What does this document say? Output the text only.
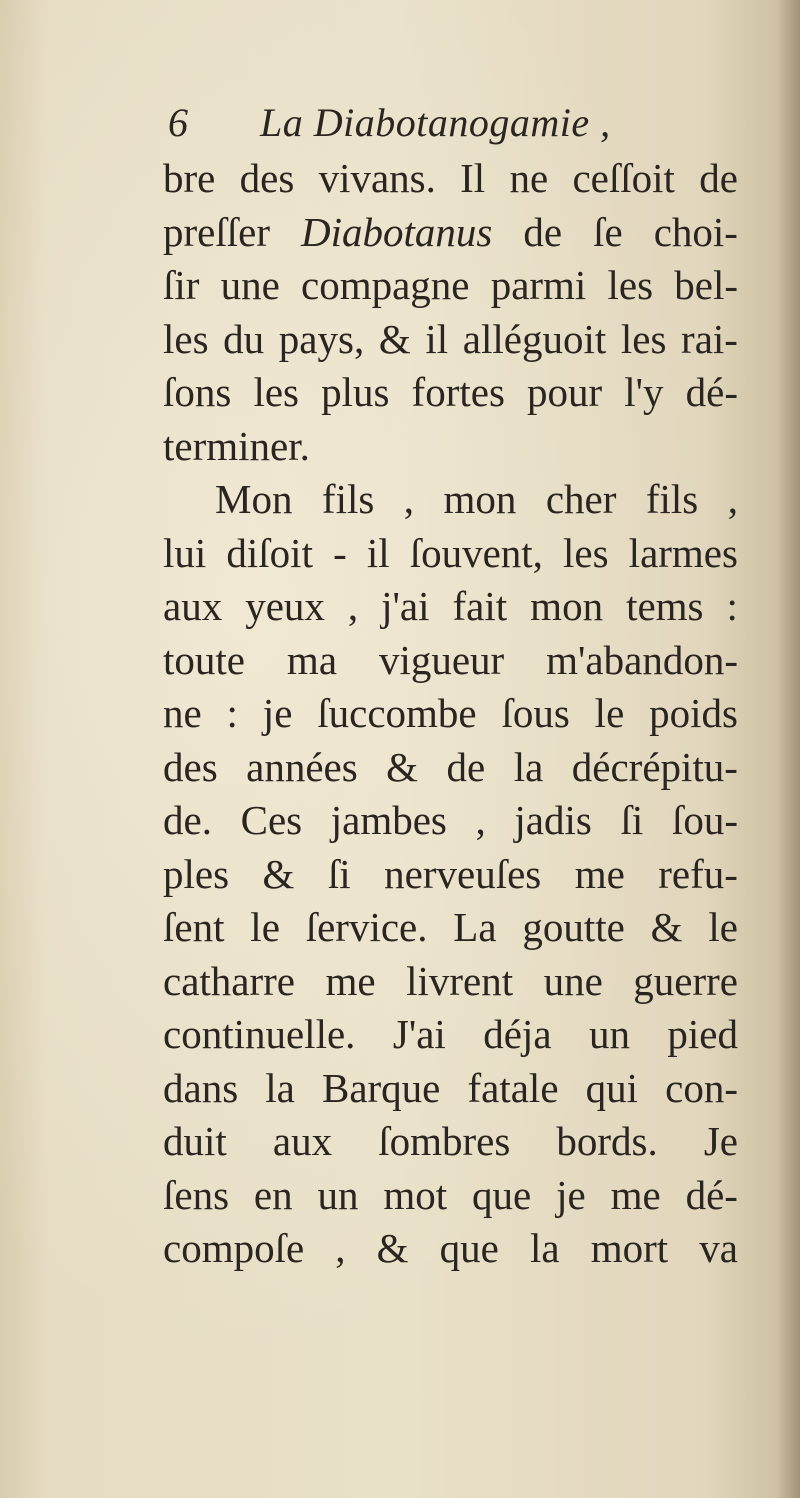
6 La Diabotanogamie ,
bre des vivans. Il ne ceſſoit de
preſſer Diabotanus de ſe choi-
ſir une compagne parmi les bel-
les du pays, & il alléguoit les rai-
ſons les plus fortes pour l'y dé-
terminer.
Mon fils , mon cher fils ,
lui diſoit - il ſouvent, les larmes
aux yeux , j'ai fait mon tems :
toute ma vigueur m'abandon-
ne : je ſuccombe ſous le poids
des années & de la décrépitu-
de. Ces jambes , jadis ſi ſou-
ples & ſi nerveuſes me refu-
ſent le ſervice. La goutte & le
catharre me livrent une guerre
continuelle. J'ai déja un pied
dans la Barque fatale qui con-
duit aux ſombres bords. Je
ſens en un mot que je me dé-
compoſe , & que la mort va
